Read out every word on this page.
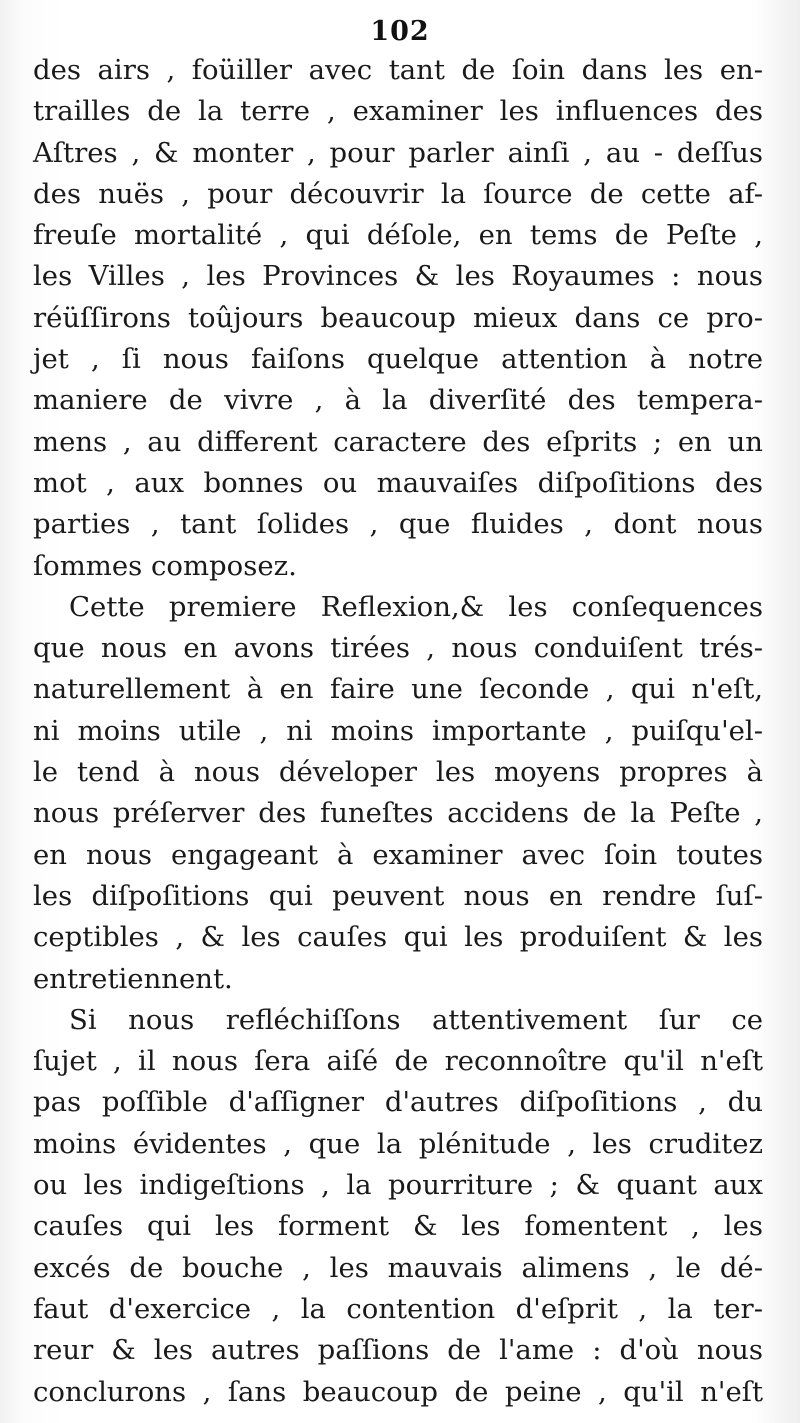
102
des airs , foüiller avec tant de ſoin dans les en-
trailles de la terre , examiner les influences des
Aſtres , & monter , pour parler ainſi , au - deſſus
des nuës , pour découvrir la ſource de cette af-
freuſe mortalité , qui déſole, en tems de Peſte ,
les Villes , les Provinces & les Royaumes : nous
réüſſirons toûjours beaucoup mieux dans ce pro-
jet , ſi nous faiſons quelque attention à notre
maniere de vivre , à la diverſité des tempera-
mens , au different caractere des eſprits ; en un
mot , aux bonnes ou mauvaiſes diſpoſitions des
parties , tant ſolides , que fluides , dont nous
ſommes composez.
Cette premiere Reflexion,& les conſequences
que nous en avons tirées , nous conduiſent trés-
naturellement à en faire une ſeconde , qui n'eſt,
ni moins utile , ni moins importante , puiſqu'el-
le tend à nous déveloper les moyens propres à
nous préſerver des funeſtes accidens de la Peſte ,
en nous engageant à examiner avec ſoin toutes
les diſpoſitions qui peuvent nous en rendre ſuſ-
ceptibles , & les cauſes qui les produiſent & les
entretiennent.
Si nous refléchiſſons attentivement ſur ce
ſujet , il nous ſera aiſé de reconnoître qu'il n'eſt
pas poſſible d'aſſigner d'autres diſpoſitions , du
moins évidentes , que la plénitude , les cruditez
ou les indigeſtions , la pourriture ; & quant aux
cauſes qui les forment & les fomentent , les
excés de bouche , les mauvais alimens , le dé-
faut d'exercice , la contention d'eſprit , la ter-
reur & les autres paſſions de l'ame : d'où nous
conclurons , ſans beaucoup de peine , qu'il n'eſt
